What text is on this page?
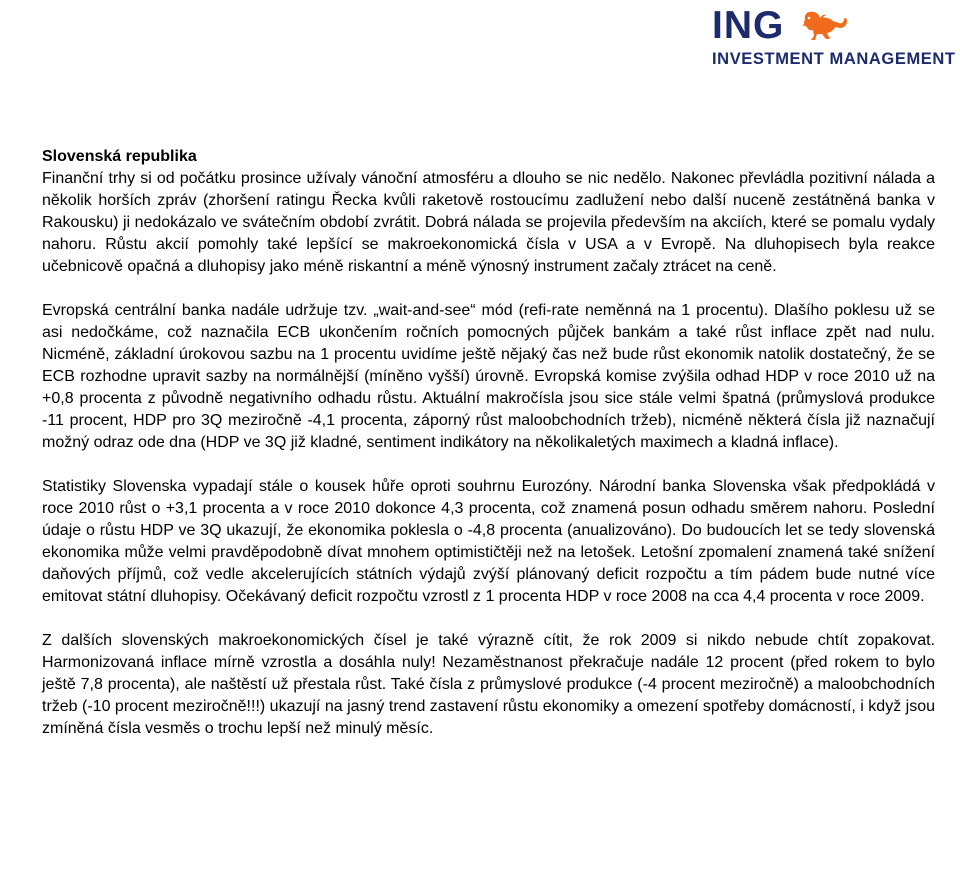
ING
INVESTMENT MANAGEMENT

Slovenská republika

Finanční trhy si od počátku prosince užívaly vánoční atmosféru a dlouho se nic nedělo. Nakonec převládla pozitivní nálada a několik horších zpráv (zhoršení ratingu Řecka kvůli raketově rostoucímu zadlužení nebo další nuceně zestátněná banka v Rakousku) ji nedokázalo ve svátečním období zvrátit. Dobrá nálada se projevila především na akciích, které se pomalu vydaly nahoru. Růstu akcií pomohly také lepšící se makroekonomická čísla v USA a v Evropě. Na dluhopisech byla reakce učebnicově opačná a dluhopisy jako méně riskantní a méně výnosný instrument začaly ztrácet na ceně.

Evropská centrální banka nadále udržuje tzv. „wait-and-see“ mód (refi-rate neměnná na 1 procentu). Dlašího poklesu už se asi nedočkáme, což naznačila ECB ukončením ročních pomocných půjček bankám a také růst inflace zpět nad nulu. Nicméně, základní úrokovou sazbu na 1 procentu uvidíme ještě nějaký čas než bude růst ekonomik natolik dostatečný, že se ECB rozhodne upravit sazby na normálnější (míněno vyšší) úrovně. Evropská komise zvýšila odhad HDP v roce 2010 už na +0,8 procenta z původně negativního odhadu růstu. Aktuální makročísla jsou sice stále velmi špatná (průmyslová produkce -11 procent, HDP pro 3Q meziročně -4,1 procenta, záporný růst maloobchodních tržeb), nicméně některá čísla již naznačují možný odraz ode dna (HDP ve 3Q již kladné, sentiment indikátory na několikaletých maximech a kladná inflace).

Statistiky Slovenska vypadají stále o kousek hůře oproti souhrnu Eurozóny. Národní banka Slovenska však předpokládá v roce 2010 růst o +3,1 procenta a v roce 2010 dokonce 4,3 procenta, což znamená posun odhadu směrem nahoru. Poslední údaje o růstu HDP ve 3Q ukazují, že ekonomika poklesla o -4,8 procenta (anualizováno). Do budoucích let se tedy slovenská ekonomika může velmi pravděpodobně dívat mnohem optimističtěji než na letošek. Letošní zpomalení znamená také snížení daňových příjmů, což vedle akcelerujících státních výdajů zvýší plánovaný deficit rozpočtu a tím pádem bude nutné více emitovat státní dluhopisy. Očekávaný deficit rozpočtu vzrostl z 1 procenta HDP v roce 2008 na cca 4,4 procenta v roce 2009.

Z dalších slovenských makroekonomických čísel je také výrazně cítit, že rok 2009 si nikdo nebude chtít zopakovat. Harmonizovaná inflace mírně vzrostla a dosáhla nuly! Nezaměstnanost překračuje nadále 12 procent (před rokem to bylo ještě 7,8 procenta), ale naštěstí už přestala růst. Také čísla z průmyslové produkce (-4 procent meziročně) a maloobchodních tržeb (-10 procent meziročně!!!) ukazují na jasný trend zastavení růstu ekonomiky a omezení spotřeby domácností, i když jsou zmíněná čísla vesměs o trochu lepší než minulý měsíc.
